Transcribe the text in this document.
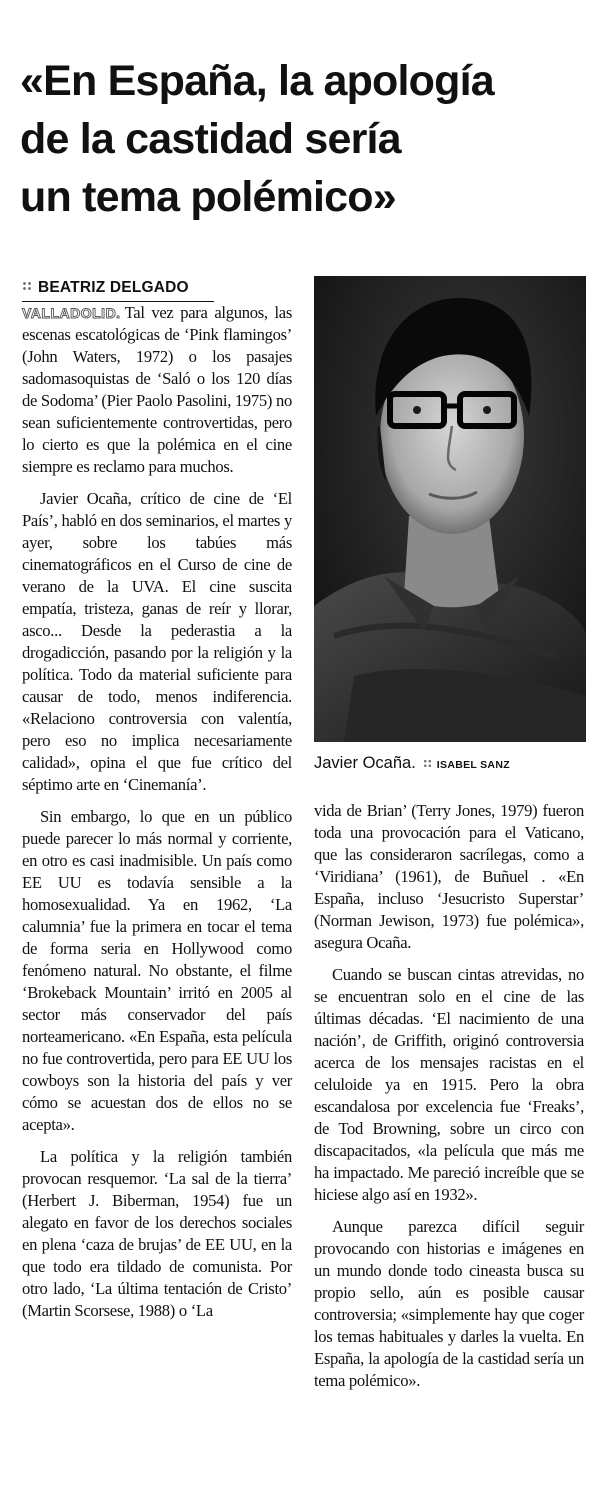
«En España, la apología
de la castidad sería
un tema polémico»
BEATRIZ DELGADO

VALLADOLID. Tal vez para algunos, las escenas escatológicas de ‘Pink flamingos’ (John Waters, 1972) o los pasajes sadomasoquistas de ‘Saló o los 120 días de Sodoma’ (Pier Paolo Pasolini, 1975) no sean suficientemente controvertidas, pero lo cierto es que la polémica en el cine siempre es reclamo para muchos.

Javier Ocaña, crítico de cine de ‘El País’, habló en dos seminarios, el martes y ayer, sobre los tabúes más cinematográficos en el Curso de cine de verano de la UVA. El cine suscita empatía, tristeza, ganas de reír y llorar, asco... Desde la pederastia a la drogadicción, pasando por la religión y la política. Todo da material suficiente para causar de todo, menos indiferencia. «Relaciono controversia con valentía, pero eso no implica necesariamente calidad», opina el que fue crítico del séptimo arte en ‘Cinemanía’.

Sin embargo, lo que en un público puede parecer lo más normal y corriente, en otro es casi inadmisible. Un país como EE UU es todavía sensible a la homosexualidad. Ya en 1962, ‘La calumnia’ fue la primera en tocar el tema de forma seria en Hollywood como fenómeno natural. No obstante, el filme ‘Brokeback Mountain’ irritó en 2005 al sector más conservador del país norteamericano. «En España, esta película no fue controvertida, pero para EE UU los cowboys son la historia del país y ver cómo se acuestan dos de ellos no se acepta».

La política y la religión también provocan resquemor. ‘La sal de la tierra’ (Herbert J. Biberman, 1954) fue un alegato en favor de los derechos sociales en plena ‘caza de brujas’ de EE UU, en la que todo era tildado de comunista. Por otro lado, ‘La última tentación de Cristo’ (Martin Scorsese, 1988) o ‘La

Javier Ocaña. ISABEL SANZ

vida de Brian’ (Terry Jones, 1979) fueron toda una provocación para el Vaticano, que las consideraron sacrílegas, como a ‘Viridiana’ (1961), de Buñuel . «En España, incluso ‘Jesucristo Superstar’ (Norman Jewison, 1973) fue polémica», asegura Ocaña.

Cuando se buscan cintas atrevidas, no se encuentran solo en el cine de las últimas décadas. ‘El nacimiento de una nación’, de Griffith, originó controversia acerca de los mensajes racistas en el celuloide ya en 1915. Pero la obra escandalosa por excelencia fue ‘Freaks’, de Tod Browning, sobre un circo con discapacitados, «la película que más me ha impactado. Me pareció increíble que se hiciese algo así en 1932».

Aunque parezca difícil seguir provocando con historias e imágenes en un mundo donde todo cineasta busca su propio sello, aún es posible causar controversia; «simplemente hay que coger los temas habituales y darles la vuelta. En España, la apología de la castidad sería un tema polémico».
